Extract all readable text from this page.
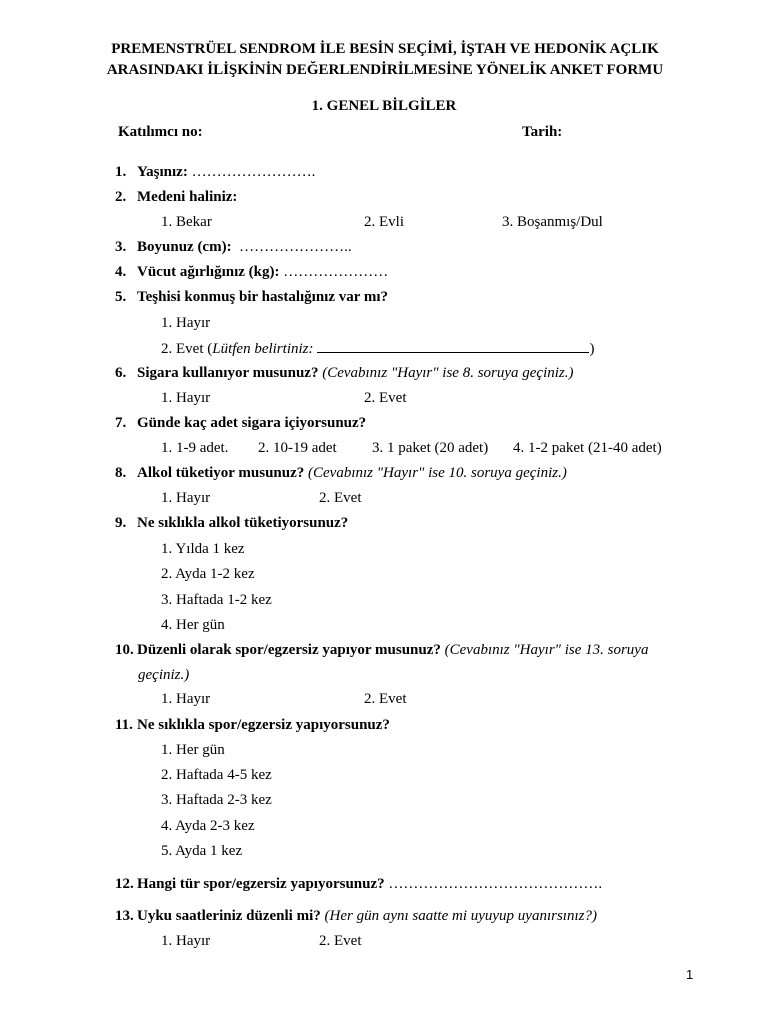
PREMENSTRÜEL SENDROM İLE BESİN SEÇİMİ, İŞTAH VE HEDONİK AÇLIK
ARASINDAKI İLİŞKİNİN DEĞERLENDİRİLMESİNE YÖNELİK ANKET FORMU
1. GENEL BİLGİLER
Katılımcı no:	Tarih:
1. Yaşınız: …………………….
2. Medeni haliniz:
1. Bekar	2. Evli	3. Boşanmış/Dul
3. Boyunuz (cm): …………………..
4. Vücut ağırlığınız (kg): …………………
5. Teşhisi konmuş bir hastalığınız var mı?
1. Hayır
2. Evet (Lütfen belirtiniz:	)
6. Sigara kullanıyor musunuz? (Cevabınız "Hayır" ise 8. soruya geçiniz.)
1. Hayır	2. Evet
7. Günde kaç adet sigara içiyorsunuz?
1. 1-9 adet. 2. 10-19 adet 3. 1 paket (20 adet) 4. 1-2 paket (21-40 adet)
8. Alkol tüketiyor musunuz? (Cevabınız "Hayır" ise 10. soruya geçiniz.)
1. Hayır	2. Evet
9. Ne sıklıkla alkol tüketiyorsunuz?
1. Yılda 1 kez
2. Ayda 1-2 kez
3. Haftada 1-2 kez
4. Her gün
10. Düzenli olarak spor/egzersiz yapıyor musunuz? (Cevabınız "Hayır" ise 13. soruya
geçiniz.)
1. Hayır	2. Evet
11. Ne sıklıkla spor/egzersiz yapıyorsunuz?
1. Her gün
2. Haftada 4-5 kez
3. Haftada 2-3 kez
4. Ayda 2-3 kez
5. Ayda 1 kez
12. Hangi tür spor/egzersiz yapıyorsunuz? …………………………………….
13. Uyku saatleriniz düzenli mi? (Her gün aynı saatte mi uyuyup uyanırsınız?)
1. Hayır	2. Evet
1
